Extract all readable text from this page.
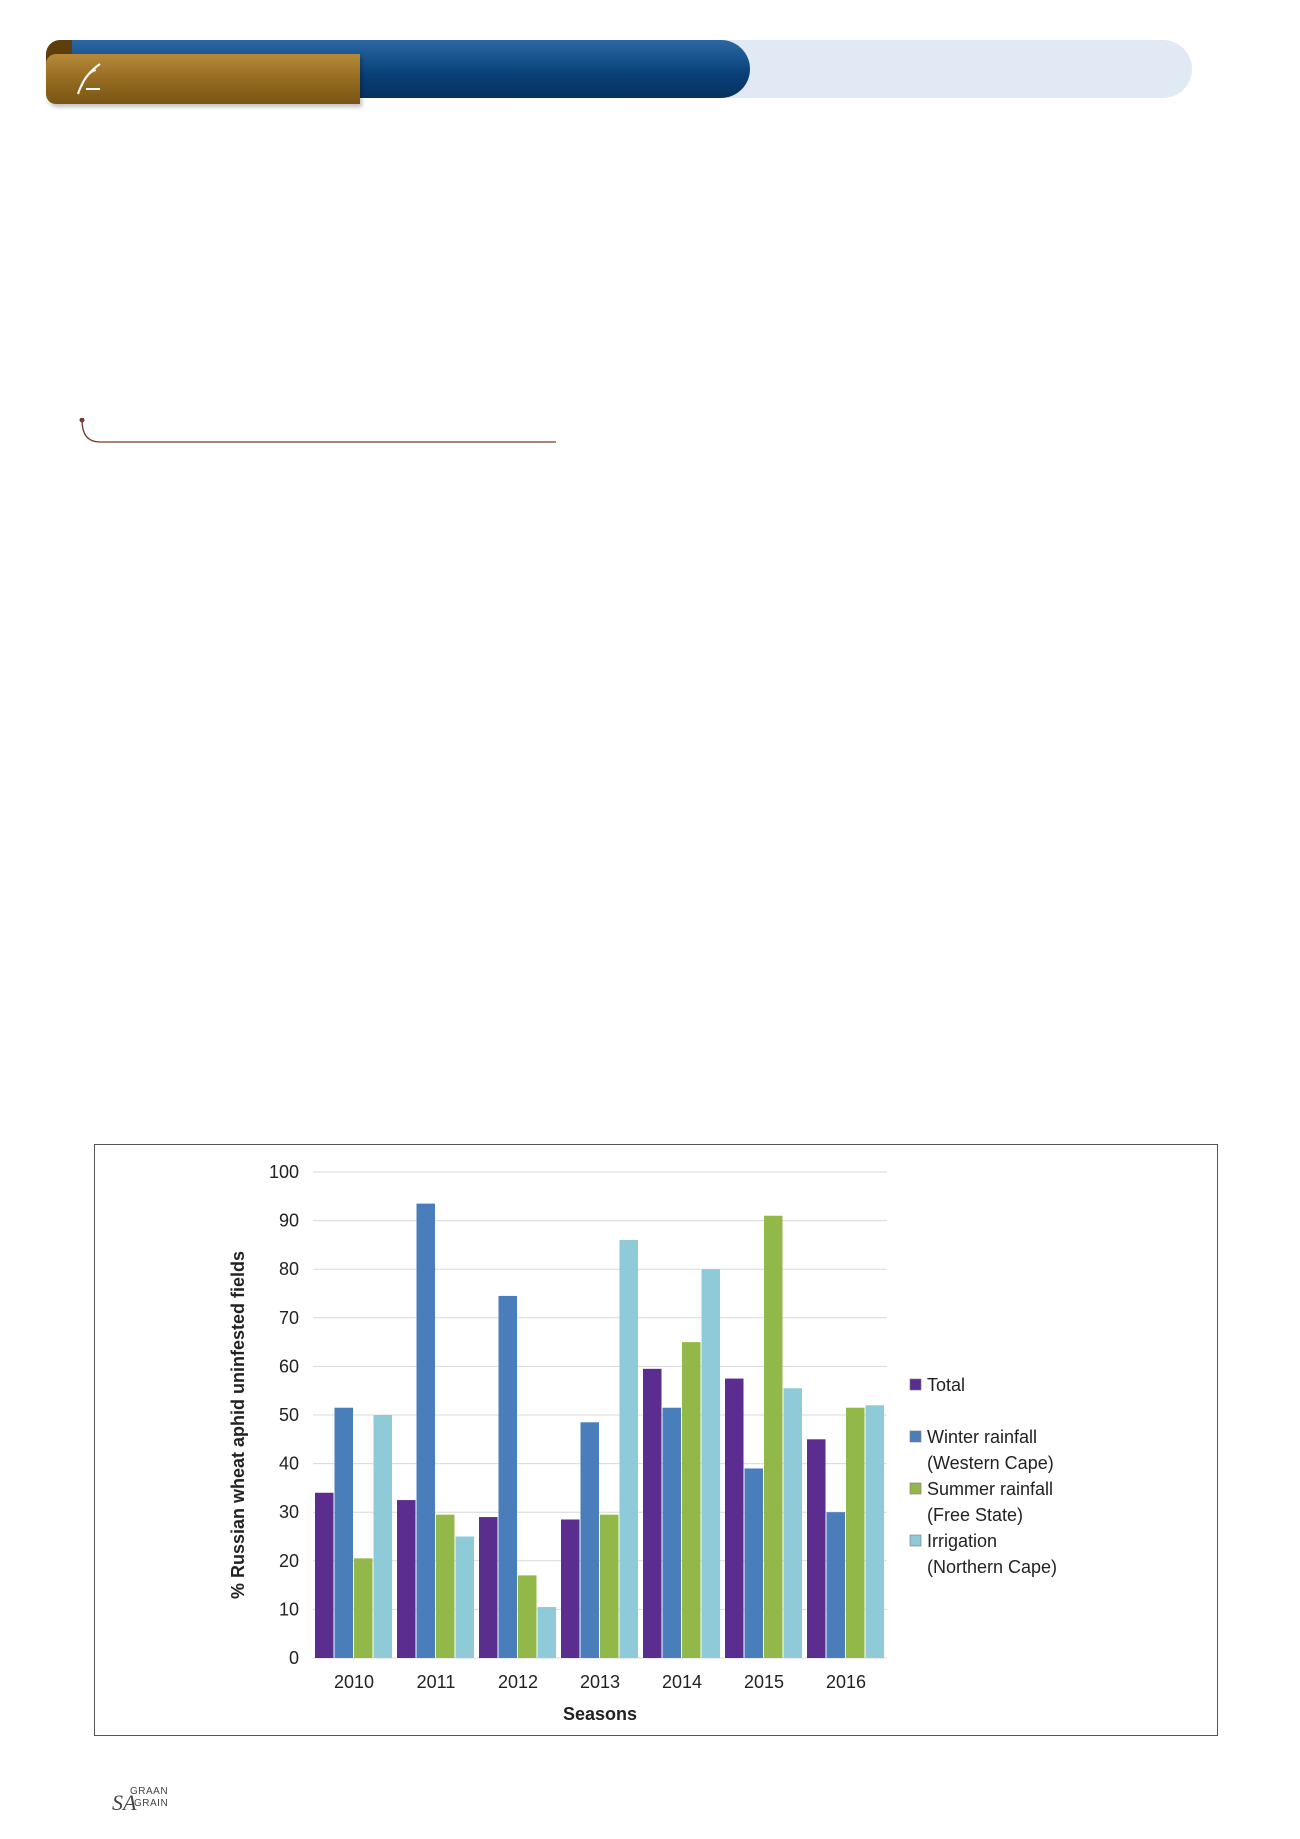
0
10
20
30
40
50
60
70
80
90
100
2010 2011 2012 2013 2014 2015 2016
Seasons
% Russian wheat aphid uninfested fields	Total
Winter rainfall
(Western Cape)
Summer rainfall
(Free State)
Irrigation
(Northern Cape)
SA
GRAAN
GRAIN
